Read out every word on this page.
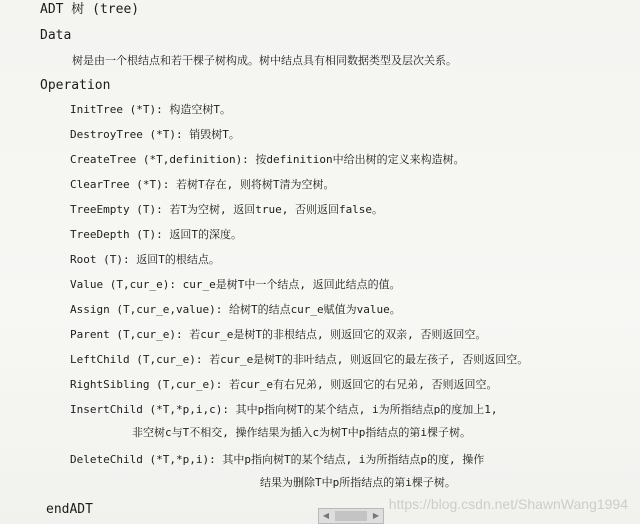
ADT 树 (tree)
Data
树是由一个根结点和若干棵子树构成。树中结点具有相同数据类型及层次关系。
Operation
InitTree (*T): 构造空树T。
DestroyTree (*T): 销毁树T。
CreateTree (*T,definition): 按definition中给出树的定义来构造树。
ClearTree (*T): 若树T存在, 则将树T清为空树。
TreeEmpty (T): 若T为空树, 返回true, 否则返回false。
TreeDepth (T): 返回T的深度。
Root (T): 返回T的根结点。
Value (T,cur_e): cur_e是树T中一个结点, 返回此结点的值。
Assign (T,cur_e,value): 给树T的结点cur_e赋值为value。
Parent (T,cur_e): 若cur_e是树T的非根结点, 则返回它的双亲, 否则返回空。
LeftChild (T,cur_e): 若cur_e是树T的非叶结点, 则返回它的最左孩子, 否则返回空。
RightSibling (T,cur_e): 若cur_e有右兄弟, 则返回它的右兄弟, 否则返回空。
InsertChild (*T,*p,i,c): 其中p指向树T的某个结点, i为所指结点p的度加上1,
非空树c与T不相交, 操作结果为插入c为树T中p指结点的第i棵子树。
DeleteChild (*T,*p,i): 其中p指向树T的某个结点, i为所指结点p的度, 操作
结果为删除T中p所指结点的第i棵子树。
endADT	https://blog.csdn.net/ShawnWang1994
◀	▶
